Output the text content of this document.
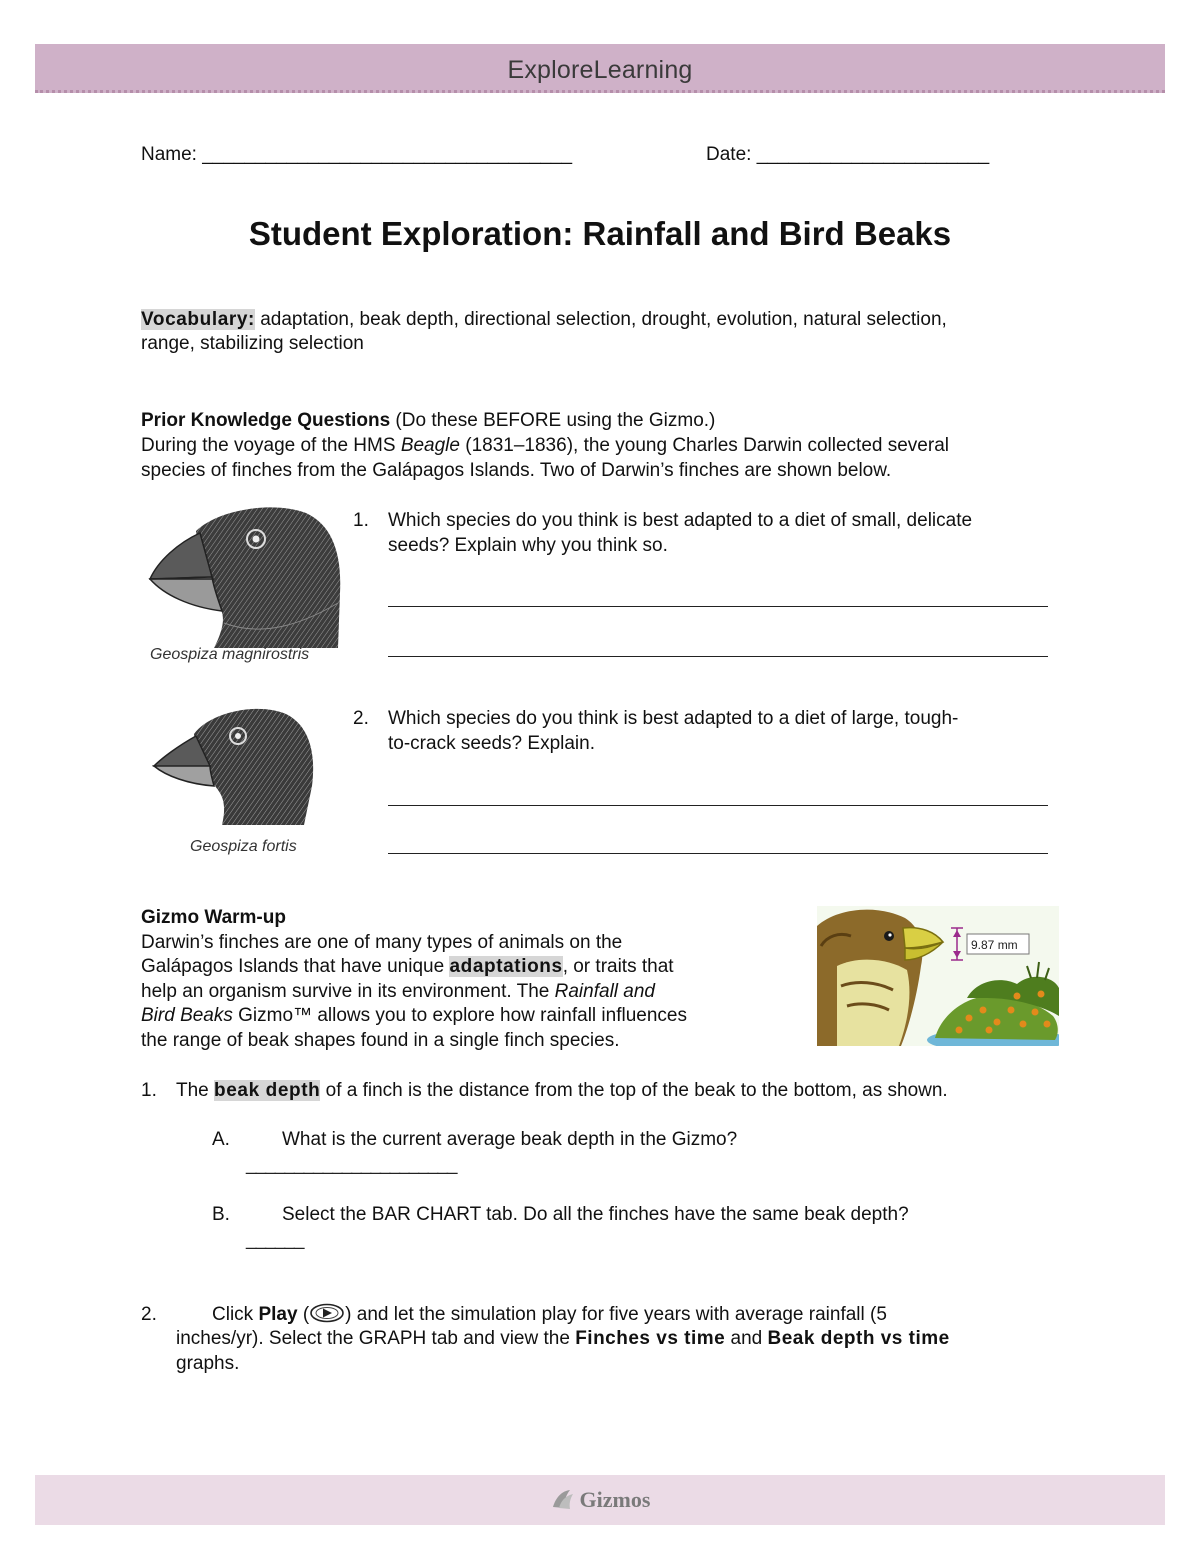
ExploreLearning
Name: ___________________________________	Date: ______________________
Student Exploration: Rainfall and Bird Beaks
Vocabulary: adaptation, beak depth, directional selection, drought, evolution, natural selection,
range, stabilizing selection
Prior Knowledge Questions (Do these BEFORE using the Gizmo.)
During the voyage of the HMS Beagle (1831–1836), the young Charles Darwin collected several
species of finches from the Galápagos Islands. Two of Darwin’s finches are shown below.
Geospiza magnirostris
Geospiza fortis
1. Which species do you think is best adapted to a diet of small, delicate
seeds? Explain why you think so.
2. Which species do you think is best adapted to a diet of large, tough-
to-crack seeds? Explain.
Gizmo Warm-up
Darwin’s finches are one of many types of animals on the
Galápagos Islands that have unique adaptations, or traits that
help an organism survive in its environment. The Rainfall and
Bird Beaks Gizmo™ allows you to explore how rainfall influences
the range of beak shapes found in a single finch species.
9.87 mm
1. The beak depth of a finch is the distance from the top of the beak to the bottom, as shown.
A.	What is the current average beak depth in the Gizmo?
______________________
B.	Select the BAR CHART tab. Do all the finches have the same beak depth?
______
2.	Click Play ( ) and let the simulation play for five years with average rainfall (5
inches/yr). Select the GRAPH tab and view the Finches vs time and Beak depth vs time
graphs.
Gizmos
